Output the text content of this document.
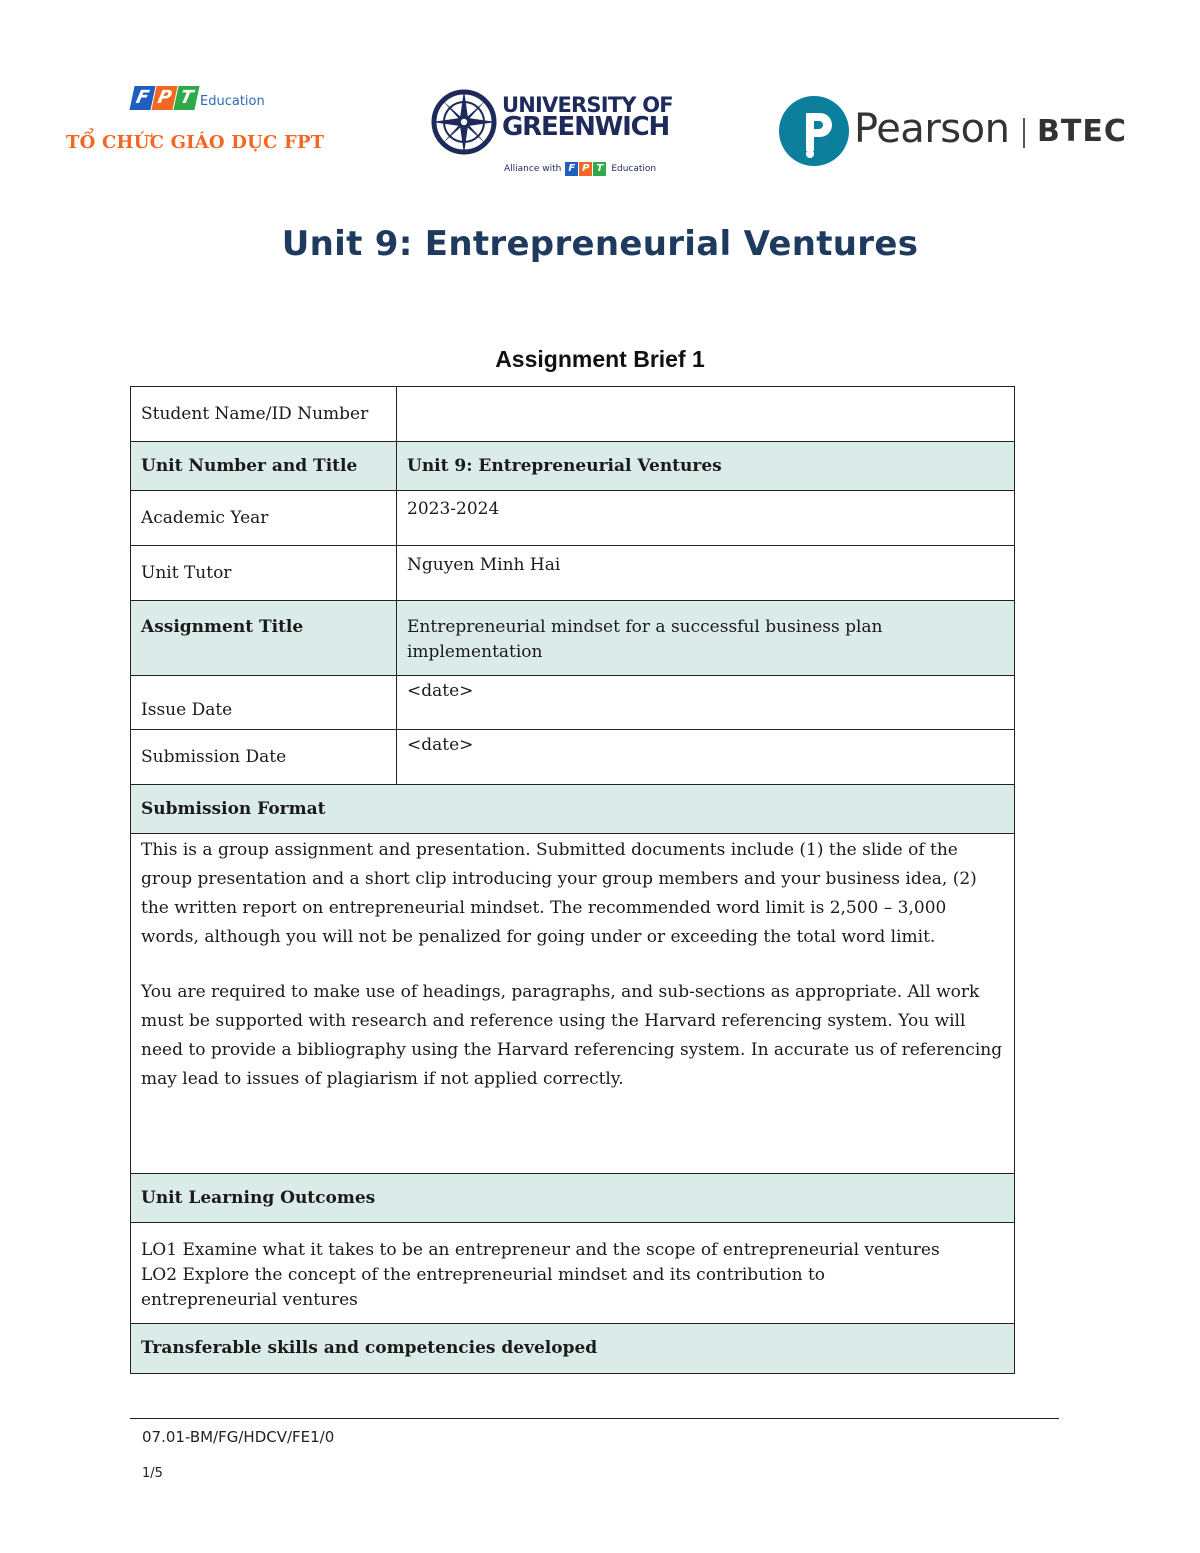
F P T Education
TỔ CHỨC GIÁO DỤC FPT
UNIVERSITY OF
GREENWICH
Alliance with F P T Education
Pearson BTEC
Unit 9: Entrepreneurial Ventures
Assignment Brief 1
Student Name/ID Number	
Unit Number and Title	Unit 9: Entrepreneurial Ventures
Academic Year	2023-2024
Unit Tutor	Nguyen Minh Hai
Assignment Title	Entrepreneurial mindset for a successful business plan implementation
Issue Date	<date>
Submission Date	<date>
Submission Format	

This is a group assignment and presentation. Submitted documents include (1) the slide of the group presentation and a short clip introducing your group members and your business idea, (2) the written report on entrepreneurial mindset. The recommended word limit is 2,500 – 3,000 words, although you will not be penalized for going under or exceeding the total word limit.

You are required to make use of headings, paragraphs, and sub-sections as appropriate. All work must be supported with research and reference using the Harvard referencing system. You will need to provide a bibliography using the Harvard referencing system. In accurate us of referencing may lead to issues of plagiarism if not applied correctly.	

Unit Learning Outcomes	

LO1 Examine what it takes to be an entrepreneur and the scope of entrepreneurial ventures
LO2 Explore the concept of the entrepreneurial mindset and its contribution to entrepreneurial ventures	

Transferable skills and competencies developed	
07.01-BM/FG/HDCV/FE1/0
1/5
